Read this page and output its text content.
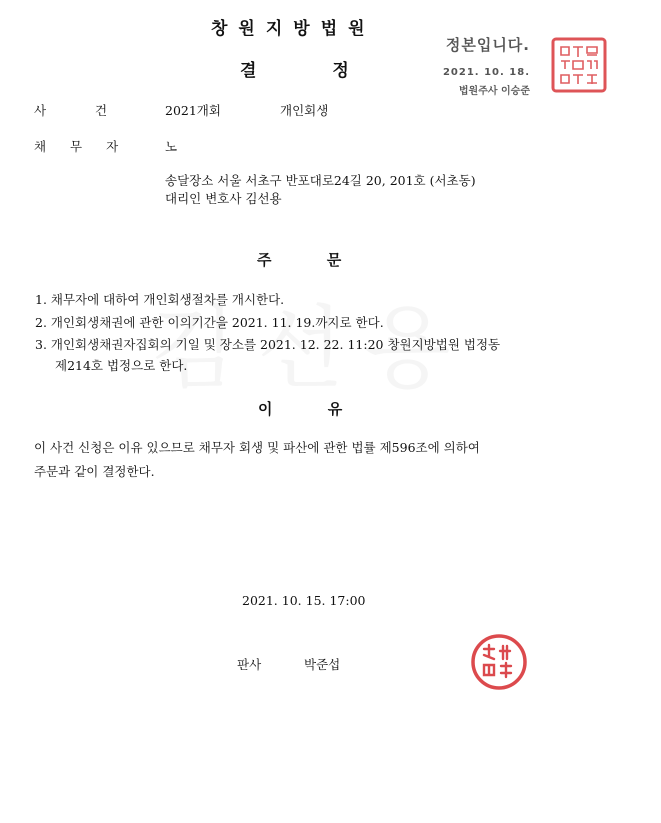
창원지방법원
결 정
정본입니다.
2021. 10. 18.
법원주사 이승준
사 건	2021개회	개인회생
채 무 자	노
송달장소 서울 서초구 반포대로24길 20, 201호 (서초동)
대리인 변호사 김선용
주 문
1. 채무자에 대하여 개인회생절차를 개시한다.
2. 개인회생채권에 관한 이의기간을 2021. 11. 19.까지로 한다.
3. 개인회생채권자집회의 기일 및 장소를 2021. 12. 22. 11:20 창원지방법원 법정동
제214호 법정으로 한다.
이 유
이 사건 신청은 이유 있으므로 채무자 회생 및 파산에 관한 법률 제596조에 의하여
주문과 같이 결정한다.
2021. 10. 15. 17:00
판사	박준섭
